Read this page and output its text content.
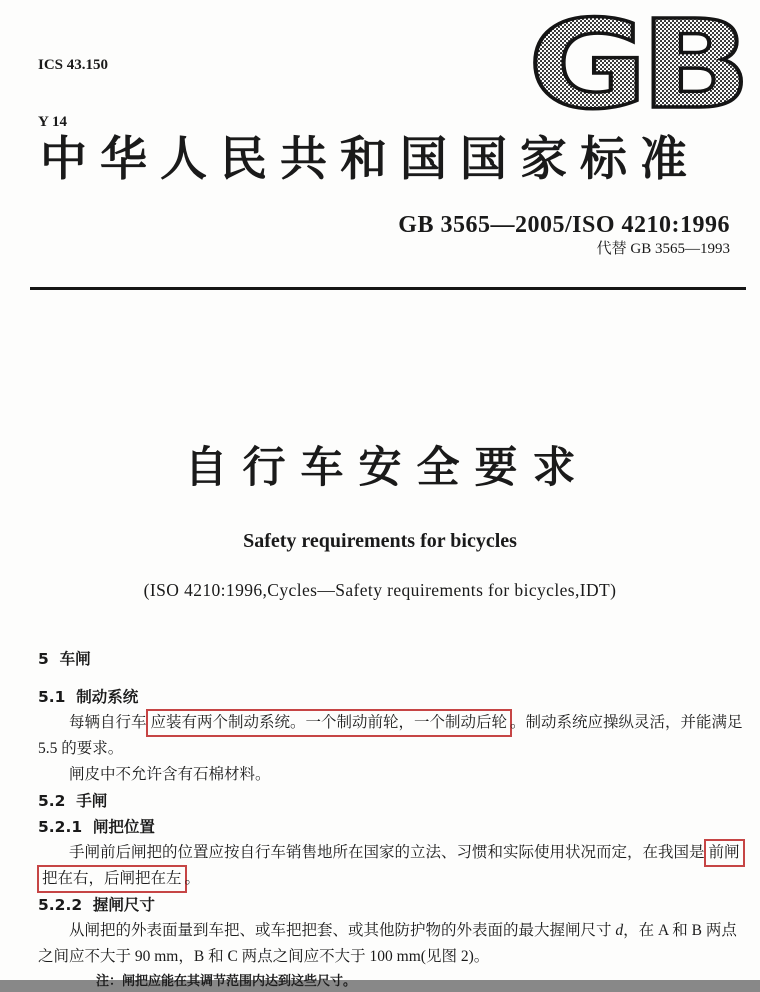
ICS 43.150

Y 14

	GB
中华人民共和国国家标准
GB 3565—2005/ISO 4210:1996
代替 GB 3565—1993
自行车安全要求
Safety requirements for bicycles
(ISO 4210:1996,Cycles—Safety requirements for bicycles,IDT)
5  车闸
5.1  制动系统
每辆自行车 应装有两个制动系统。一个制动前轮，一个制动后轮 。制动系统应操纵灵活，并能满足
5.5 的要求。
闸皮中不允许含有石棉材料。
5.2  手闸
5.2.1  闸把位置
手闸前后闸把的位置应按自行车销售地所在国家的立法、习惯和实际使用状况而定，在我国是 前闸
把在右，后闸把在左 。
5.2.2  握闸尺寸
从闸把的外表面量到车把、或车把把套、或其他防护物的外表面的最大握闸尺寸 d，在 A 和 B 两点
之间应不大于 90 mm，B 和 C 两点之间应不大于 100 mm(见图 2)。
注：闸把应能在其调节范围内达到这些尺寸。
